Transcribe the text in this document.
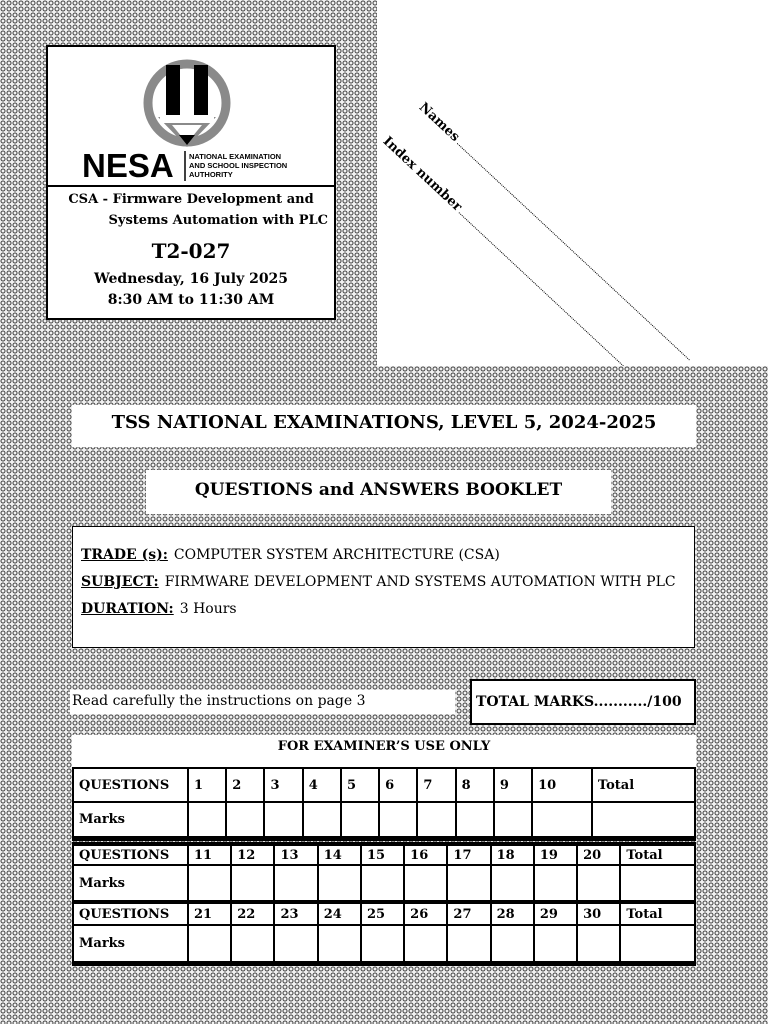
NESA NATIONAL EXAMINATION
AND SCHOOL INSPECTION
AUTHORITY
CSA - Firmware Development and
Systems Automation with PLC
T2-027
Wednesday, 16 July 2025
8:30 AM to 11:30 AM
Names
Index number
TSS NATIONAL EXAMINATIONS, LEVEL 5, 2024-2025
QUESTIONS and ANSWERS BOOKLET
TRADE (s): COMPUTER SYSTEM ARCHITECTURE (CSA)
SUBJECT: FIRMWARE DEVELOPMENT AND SYSTEMS AUTOMATION WITH PLC
DURATION: 3 Hours
Read carefully the instructions on page 3	TOTAL MARKS.........../100
FOR EXAMINER’S USE ONLY
QUESTIONS	1	2	3	4	5	6	7	8	9	10	Total
Marks											
QUESTIONS	11	12	13	14	15	16	17	18	19	20	Total
Marks											
QUESTIONS	21	22	23	24	25	26	27	28	29	30	Total
Marks											
